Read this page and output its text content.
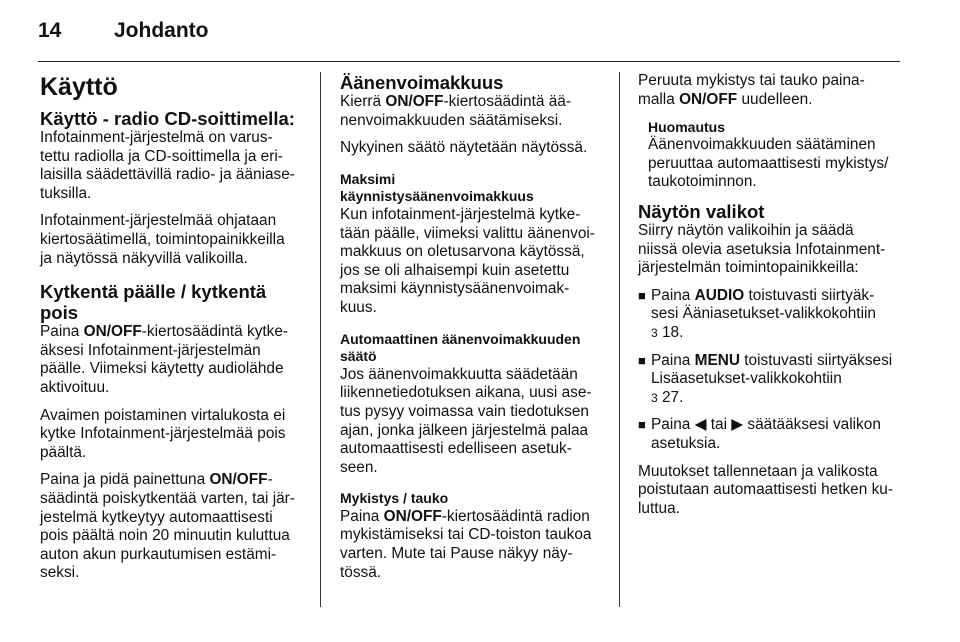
14	Johdanto
Käyttö
Käyttö - radio CD-soittimella:
Infotainment-järjestelmä on varus-
tettu radiolla ja CD-soittimella ja eri-
laisilla säädettävillä radio- ja ääniase-
tuksilla.
Infotainment-järjestelmää ohjataan
kiertosäätimellä, toimintopainikkeilla
ja näytössä näkyvillä valikoilla.
Kytkentä päälle / kytkentä pois
Paina ON/OFF-kiertosäädintä kytke-
äksesi Infotainment-järjestelmän
päälle. Viimeksi käytetty audiolähde
aktivoituu.
Avaimen poistaminen virtalukosta ei
kytke Infotainment-järjestelmää pois
päältä.
Paina ja pidä painettuna ON/OFF-
säädintä poiskytkentää varten, tai jär-
jestelmä kytkeytyy automaattisesti
pois päältä noin 20 minuutin kuluttua
auton akun purkautumisen estämi-
seksi.
Äänenvoimakkuus
Kierrä ON/OFF-kiertosäädintä ää-
nenvoimakkuuden säätämiseksi.
Nykyinen säätö näytetään näytössä.
Maksimi
käynnistysäänenvoimakkuus
Kun infotainment-järjestelmä kytke-
tään päälle, viimeksi valittu äänenvoi-
makkuus on oletusarvona käytössä,
jos se oli alhaisempi kuin asetettu
maksimi käynnistysäänenvoimak-
kuus.
Automaattinen äänenvoimakkuuden
säätö
Jos äänenvoimakkuutta säädetään
liikennetiedotuksen aikana, uusi ase-
tus pysyy voimassa vain tiedotuksen
ajan, jonka jälkeen järjestelmä palaa
automaattisesti edelliseen asetuk-
seen.
Mykistys / tauko
Paina ON/OFF-kiertosäädintä radion
mykistämiseksi tai CD-toiston taukoa
varten. Mute tai Pause näkyy näy-
tössä.
Peruuta mykistys tai tauko paina-
malla ON/OFF uudelleen.
Huomautus
Äänenvoimakkuuden säätäminen
peruuttaa automaattisesti mykistys/
taukotoiminnon.
Näytön valikot
Siirry näytön valikoihin ja säädä
niissä olevia asetuksia Infotainment-
järjestelmän toimintopainikkeilla:
■ Paina AUDIO toistuvasti siirtyäk-
sesi Ääniasetukset-valikkokohtiin
3 18.
■ Paina MENU toistuvasti siirtyäksesi
Lisäasetukset-valikkokohtiin
3 27.
■ Paina ◀ tai ▶ säätääksesi valikon
asetuksia.
Muutokset tallennetaan ja valikosta
poistutaan automaattisesti hetken ku-
luttua.
